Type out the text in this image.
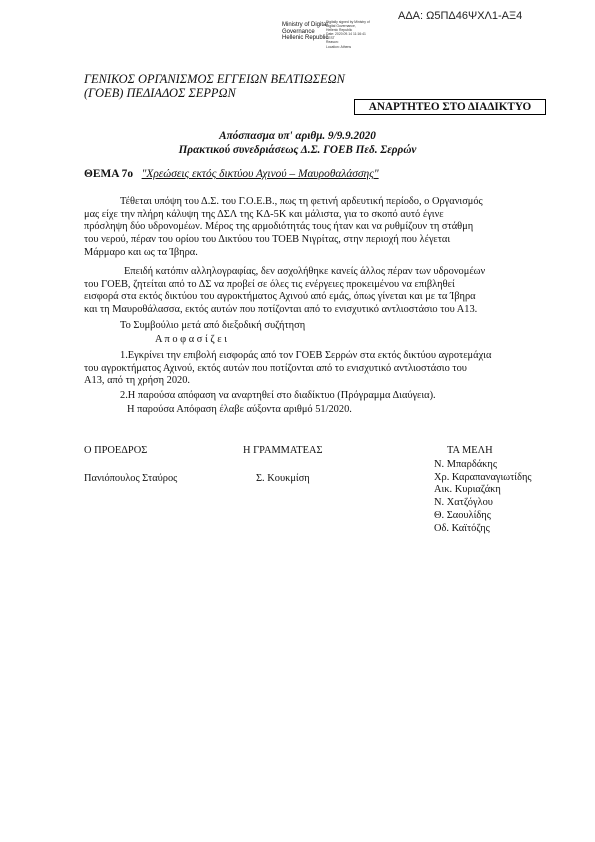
ΑΔΑ: Ω5ΠΔ46ΨΧΛ1-ΑΞ4
Ministry of Digital
Governance
Hellenic Republic
Digitally signed by Ministry of
Digital Governance,
Hellenic Republic
Date: 2020.09.14 11:16:41
EEST
Reason:
Location: Athens
ΓΕΝΙΚΟΣ ΟΡΓΑΝΙΣΜΟΣ ΕΓΓΕΙΩΝ ΒΕΛΤΙΩΣΕΩΝ
(ΓΟΕΒ) ΠΕΔΙΑΔΟΣ ΣΕΡΡΩΝ
ΑΝΑΡΤΗΤΕΟ ΣΤΟ ΔΙΑΔΙΚΤΥΟ
Απόσπασμα υπ' αριθμ. 9/9.9.2020
Πρακτικού συνεδριάσεως Δ.Σ. ΓΟΕΒ Πεδ. Σερρών
ΘΕΜΑ 7ο "Χρεώσεις εκτός δικτύου Αχινού – Μαυροθαλάσσης"
Τέθεται υπόψη του Δ.Σ. του Γ.Ο.Ε.Β., πως τη φετινή αρδευτική περίοδο, ο Οργανισμός
μας είχε την πλήρη κάλυψη της ΔΣΛ της ΚΔ-5Κ και μάλιστα, για το σκοπό αυτό έγινε
πρόσληψη δύο υδρονομέων. Μέρος της αρμοδιότητάς τους ήταν και να ρυθμίζουν τη στάθμη
του νερού, πέραν του ορίου του Δικτύου του ΤΟΕΒ Νιγρίτας, στην περιοχή που λέγεται
Μάρμαρο και ως τα Ίβηρα.
Επειδή κατόπιν αλληλογραφίας, δεν ασχολήθηκε κανείς άλλος πέραν των υδρονομέων
του ΓΟΕΒ, ζητείται από το ΔΣ να προβεί σε όλες τις ενέργειες προκειμένου να επιβληθεί
εισφορά στα εκτός δικτύου του αγροκτήματος Αχινού από εμάς, όπως γίνεται και με τα Ίβηρα
και τη Μαυροθάλασσα, εκτός αυτών που ποτίζονται από το ενισχυτικό αντλιοστάσιο του Α13.
Το Συμβούλιο μετά από διεξοδική συζήτηση
Α π ο φ α σ ί ζ ε ι
1.Εγκρίνει την επιβολή εισφοράς από τον ΓΟΕΒ Σερρών στα εκτός δικτύου αγροτεμάχια
του αγροκτήματος Αχινού, εκτός αυτών που ποτίζονται από το ενισχυτικό αντλιοστάσιο του
Α13, από τη χρήση 2020.
2.Η παρούσα απόφαση να αναρτηθεί στο διαδίκτυο (Πρόγραμμα Διαύγεια).
Η παρούσα Απόφαση έλαβε αύξοντα αριθμό 51/2020.
Ο ΠΡΟΕΔΡΟΣ
Πανιόπουλος Σταύρος
Η ΓΡΑΜΜΑΤΕΑΣ
Σ. Κουκμίση
ΤΑ ΜΕΛΗ
Ν. Μπαρδάκης
Χρ. Καραπαναγιωτίδης
Αικ. Κυριαζάκη
Ν. Χατζόγλου
Θ. Σαουλίδης
Οδ. Καϊτόζης
